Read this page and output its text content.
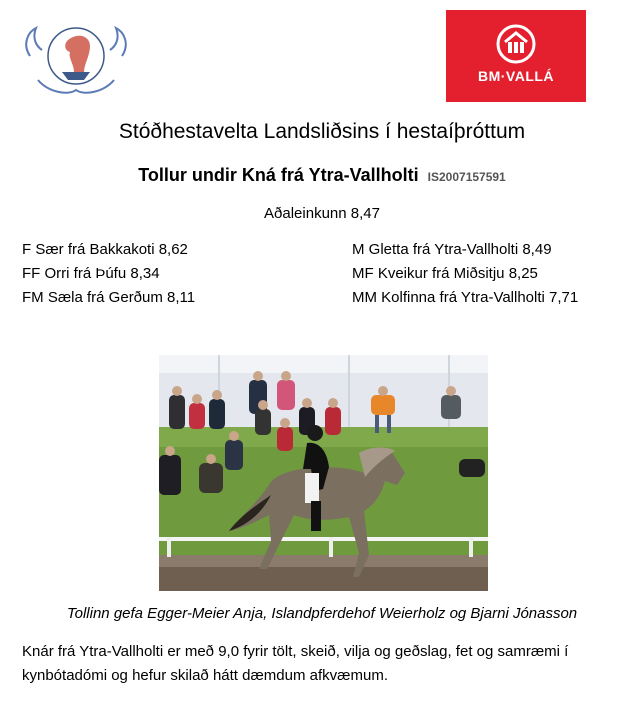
BM·VALLÁ
Stóðhestavelta Landsliðsins í hestaíþróttum
Tollur undir Kná frá Ytra-Vallholti IS2007157591
Aðaleinkunn 8,47
F Sær frá Bakkakoti 8,62
FF Orri frá Þúfu 8,34
FM Sæla frá Gerðum 8,11
M Gletta frá Ytra-Vallholti 8,49
MF Kveikur frá Miðsitju 8,25
MM Kolfinna frá Ytra-Vallholti 7,71
Tollinn gefa Egger-Meier Anja, Islandpferdehof Weierholz og Bjarni Jónasson
Knár frá Ytra-Vallholti er með 9,0 fyrir tölt, skeið, vilja og geðslag, fet og samræmi í kynbótadómi og hefur skilað hátt dæmdum afkvæmum.
